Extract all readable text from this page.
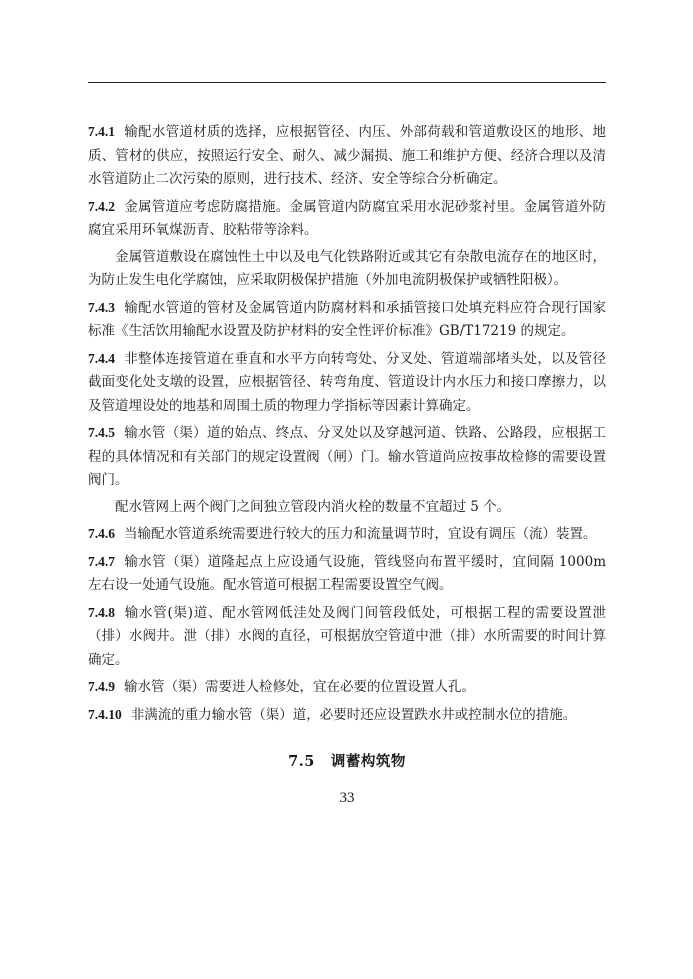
7.4.1 输配水管道材质的选择，应根据管径、内压、外部荷载和管道敷设区的地形、地质、管材的供应，按照运行安全、耐久、减少漏损、施工和维护方便、经济合理以及清水管道防止二次污染的原则，进行技术、经济、安全等综合分析确定。

7.4.2 金属管道应考虑防腐措施。金属管道内防腐宜采用水泥砂浆衬里。金属管道外防腐宜采用环氧煤沥青、胶粘带等涂料。

金属管道敷设在腐蚀性土中以及电气化铁路附近或其它有杂散电流存在的地区时，为防止发生电化学腐蚀，应采取阴极保护措施（外加电流阴极保护或牺牲阳极）。

7.4.3 输配水管道的管材及金属管道内防腐材料和承插管接口处填充料应符合现行国家标准《生活饮用输配水设置及防护材料的安全性评价标准》GB/T17219 的规定。

7.4.4 非整体连接管道在垂直和水平方向转弯处、分叉处、管道端部堵头处，以及管径截面变化处支墩的设置，应根据管径、转弯角度、管道设计内水压力和接口摩擦力，以及管道埋设处的地基和周围土质的物理力学指标等因素计算确定。

7.4.5 输水管（渠）道的始点、终点、分叉处以及穿越河道、铁路、公路段，应根据工程的具体情况和有关部门的规定设置阀（闸）门。输水管道尚应按事故检修的需要设置阀门。

配水管网上两个阀门之间独立管段内消火栓的数量不宜超过 5 个。

7.4.6 当输配水管道系统需要进行较大的压力和流量调节时，宜设有调压（流）装置。

7.4.7 输水管（渠）道隆起点上应设通气设施，管线竖向布置平缓时，宜间隔 1000m 左右设一处通气设施。配水管道可根据工程需要设置空气阀。

7.4.8 输水管(渠)道、配水管网低洼处及阀门间管段低处，可根据工程的需要设置泄（排）水阀井。泄（排）水阀的直径，可根据放空管道中泄（排）水所需要的时间计算确定。

7.4.9 输水管（渠）需要进人检修处，宜在必要的位置设置人孔。

7.4.10 非满流的重力输水管（渠）道，必要时还应设置跌水井或控制水位的措施。

7.5 调蓄构筑物
33
